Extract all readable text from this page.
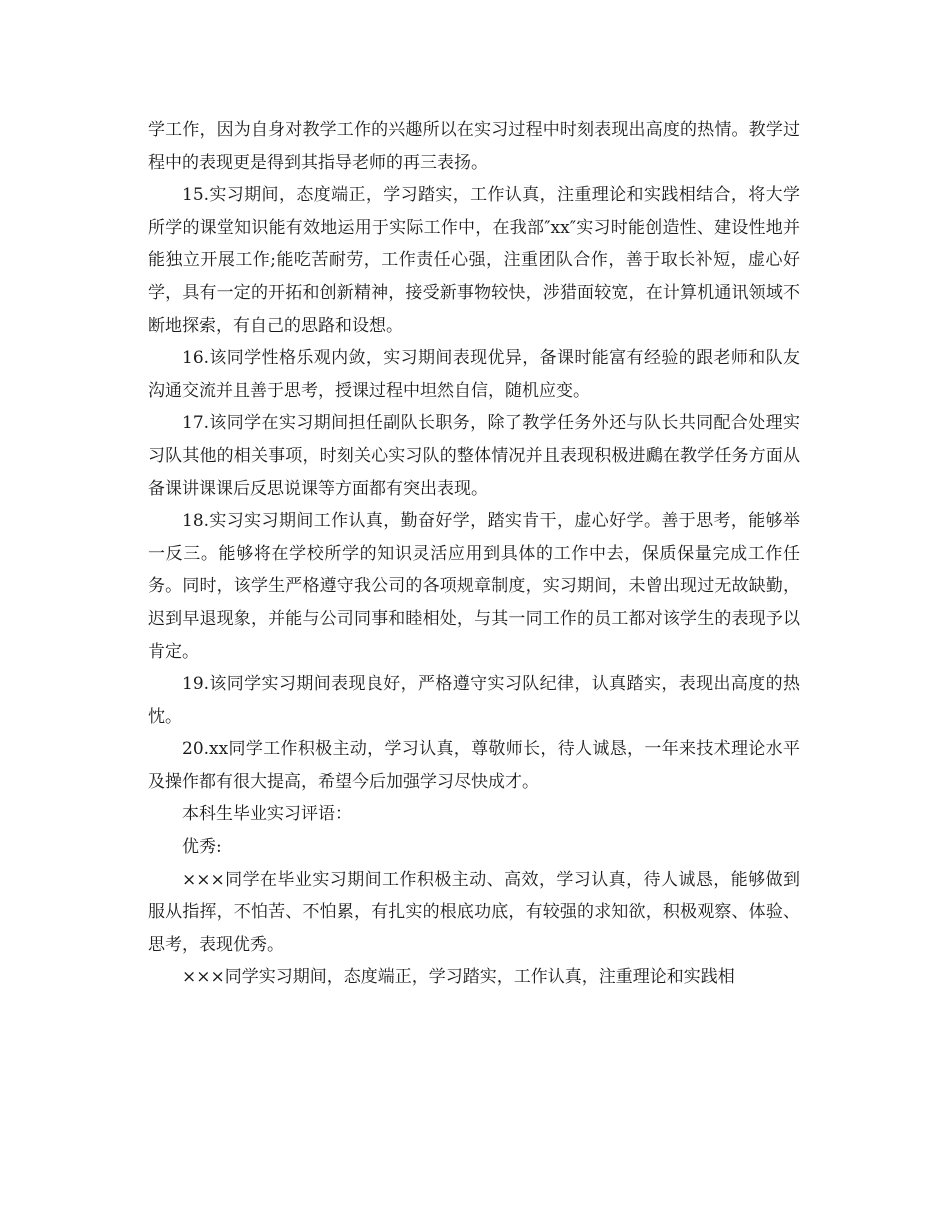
学工作，因为自身对教学工作的兴趣所以在实习过程中时刻表现出高度的热情。教学过程中的表现更是得到其指导老师的再三表扬。

15.实习期间，态度端正，学习踏实，工作认真，注重理论和实践相结合，将大学所学的课堂知识能有效地运用于实际工作中，在我部″xx″实习时能创造性、建设性地并能独立开展工作;能吃苦耐劳，工作责任心强，注重团队合作，善于取长补短，虚心好学，具有一定的开拓和创新精神，接受新事物较快，涉猎面较宽，在计算机通讯领域不断地探索，有自己的思路和设想。

16.该同学性格乐观内敛，实习期间表现优异，备课时能富有经验的跟老师和队友沟通交流并且善于思考，授课过程中坦然自信，随机应变。

17.该同学在实习期间担任副队长职务，除了教学任务外还与队长共同配合处理实习队其他的相关事项，时刻关心实习队的整体情况并且表现积极进鷉在教学任务方面从备课讲课课后反思说课等方面都有突出表现。

18.实习实习期间工作认真，勤奋好学，踏实肯干，虚心好学。善于思考，能够举一反三。能够将在学校所学的知识灵活应用到具体的工作中去，保质保量完成工作任务。同时，该学生严格遵守我公司的各项规章制度，实习期间，未曾出现过无故缺勤，迟到早退现象，并能与公司同事和睦相处，与其一同工作的员工都对该学生的表现予以肯定。

19.该同学实习期间表现良好，严格遵守实习队纪律，认真踏实，表现出高度的热忱。

20.xx同学工作积极主动，学习认真，尊敬师长，待人诚恳，一年来技术理论水平及操作都有很大提高，希望今后加强学习尽快成才。

本科生毕业实习评语：

优秀:

×××同学在毕业实习期间工作积极主动、高效，学习认真，待人诚恳，能够做到服从指挥，不怕苦、不怕累，有扎实的根底功底，有较强的求知欲，积极观察、体验、思考，表现优秀。

×××同学实习期间，态度端正，学习踏实，工作认真，注重理论和实践相
